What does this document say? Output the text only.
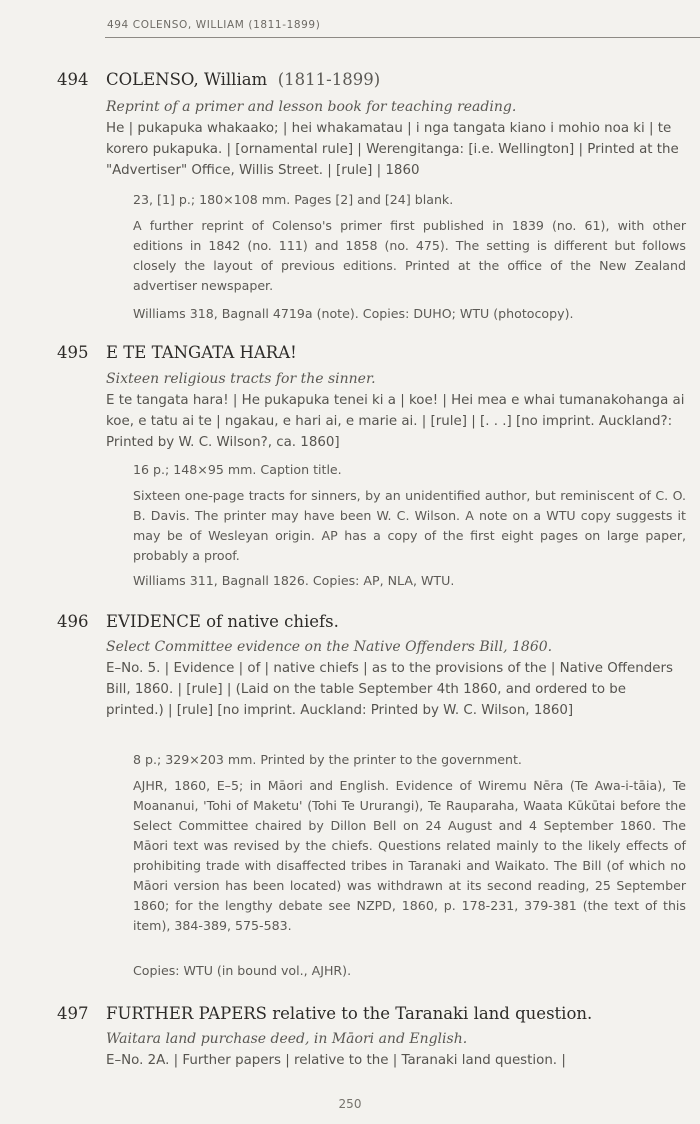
494 COLENSO, WILLIAM (1811-1899)
494 COLENSO, William (1811-1899)
Reprint of a primer and lesson book for teaching reading.
He | pukapuka whakaako; | hei whakamatau | i nga tangata kiano i mohio noa ki | te korero pukapuka. | [ornamental rule] | Werengitanga: [i.e. Wellington] | Printed at the "Advertiser" Office, Willis Street. | [rule] | 1860
23, [1] p.; 180×108 mm. Pages [2] and [24] blank.
A further reprint of Colenso's primer first published in 1839 (no. 61), with other editions in 1842 (no. 111) and 1858 (no. 475). The setting is different but follows closely the layout of previous editions. Printed at the office of the New Zealand advertiser newspaper.
Williams 318, Bagnall 4719a (note). Copies: DUHO; WTU (photocopy).
495 E TE TANGATA HARA!
Sixteen religious tracts for the sinner.
E te tangata hara! | He pukapuka tenei ki a | koe! | Hei mea e whai tumanakohanga ai koe, e tatu ai te | ngakau, e hari ai, e marie ai. | [rule] | [. . .] [no imprint. Auckland?: Printed by W. C. Wilson?, ca. 1860]
16 p.; 148×95 mm. Caption title.
Sixteen one-page tracts for sinners, by an unidentified author, but reminiscent of C. O. B. Davis. The printer may have been W. C. Wilson. A note on a WTU copy suggests it may be of Wesleyan origin. AP has a copy of the first eight pages on large paper, probably a proof.
Williams 311, Bagnall 1826. Copies: AP, NLA, WTU.
496 EVIDENCE of native chiefs.
Select Committee evidence on the Native Offenders Bill, 1860.
E–No. 5. | Evidence | of | native chiefs | as to the provisions of the | Native Offenders Bill, 1860. | [rule] | (Laid on the table September 4th 1860, and ordered to be printed.) | [rule] [no imprint. Auckland: Printed by W. C. Wilson, 1860]
8 p.; 329×203 mm. Printed by the printer to the government.
AJHR, 1860, E–5; in Māori and English. Evidence of Wiremu Nēra (Te Awa-i-tāia), Te Moananui, 'Tohi of Maketu' (Tohi Te Ururangi), Te Rauparaha, Waata Kūkūtai before the Select Committee chaired by Dillon Bell on 24 August and 4 September 1860. The Māori text was revised by the chiefs. Questions related mainly to the likely effects of prohibiting trade with disaffected tribes in Taranaki and Waikato. The Bill (of which no Māori version has been located) was withdrawn at its second reading, 25 September 1860; for the lengthy debate see NZPD, 1860, p. 178-231, 379-381 (the text of this item), 384-389, 575-583.
Copies: WTU (in bound vol., AJHR).
497 FURTHER PAPERS relative to the Taranaki land question.
Waitara land purchase deed, in Māori and English.
E–No. 2A. | Further papers | relative to the | Taranaki land question. |
250
